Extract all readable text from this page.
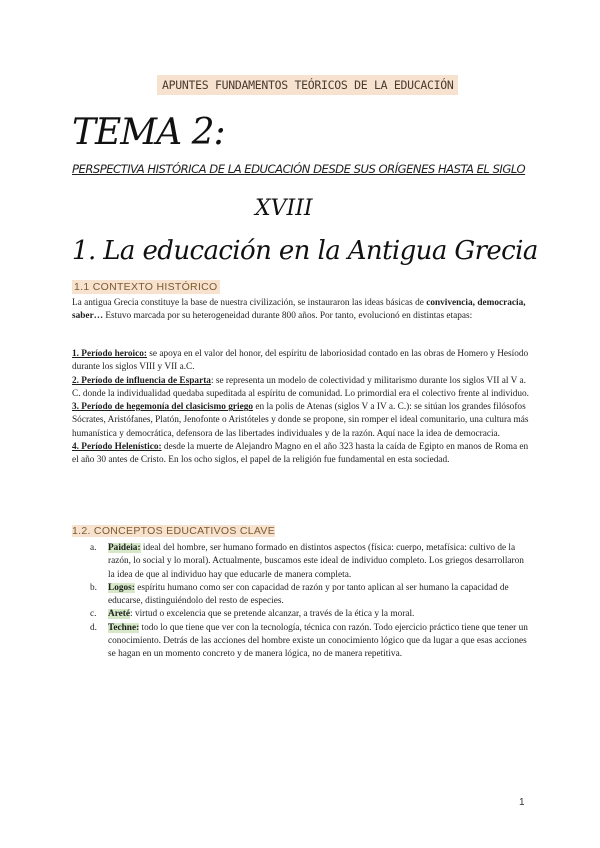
APUNTES FUNDAMENTOS TEÓRICOS DE LA EDUCACIÓN
TEMA 2:
PERSPECTIVA HISTÓRICA DE LA EDUCACIÓN DESDE SUS ORÍGENES HASTA EL SIGLO
XVIII
1. La educación en la Antigua Grecia
1.1 CONTEXTO HISTÓRICO
La antigua Grecia constituye la base de nuestra civilización, se instauraron las ideas básicas de convivencia, democracia, saber… Estuvo marcada por su heterogeneidad durante 800 años. Por tanto, evolucionó en distintas etapas:

1. Período heroico: se apoya en el valor del honor, del espíritu de laboriosidad contado en las obras de Homero y Hesíodo durante los siglos VIII y VII a.C.

2. Período de influencia de Esparta: se representa un modelo de colectividad y militarismo durante los siglos VII al V a. C. donde la individualidad quedaba supeditada al espíritu de comunidad. Lo primordial era el colectivo frente al individuo.

3. Período de hegemonía del clasicismo griego en la polis de Atenas (siglos V a IV a. C.): se sitúan los grandes filósofos Sócrates, Aristófanes, Platón, Jenofonte o Aristóteles y donde se propone, sin romper el ideal comunitario, una cultura más humanística y democrática, defensora de las libertades individuales y de la razón. Aquí nace la idea de democracia.

4. Período Helenístico: desde la muerte de Alejandro Magno en el año 323 hasta la caída de Egipto en manos de Roma en el año 30 antes de Cristo. En los ocho siglos, el papel de la religión fue fundamental en esta sociedad.

1.2. CONCEPTOS EDUCATIVOS CLAVE
a. Paideia: ideal del hombre, ser humano formado en distintos aspectos (física: cuerpo, metafísica: cultivo de la razón, lo social y lo moral). Actualmente, buscamos este ideal de individuo completo. Los griegos desarrollaron la idea de que al individuo hay que educarle de manera completa.
b. Logos: espíritu humano como ser con capacidad de razón y por tanto aplican al ser humano la capacidad de educarse, distinguiéndolo del resto de especies.
c. Areté: virtud o excelencia que se pretende alcanzar, a través de la ética y la moral.
d. Techne: todo lo que tiene que ver con la tecnología, técnica con razón. Todo ejercicio práctico tiene que tener un conocimiento. Detrás de las acciones del hombre existe un conocimiento lógico que da lugar a que esas acciones se hagan en un momento concreto y de manera lógica, no de manera repetitiva.
1
